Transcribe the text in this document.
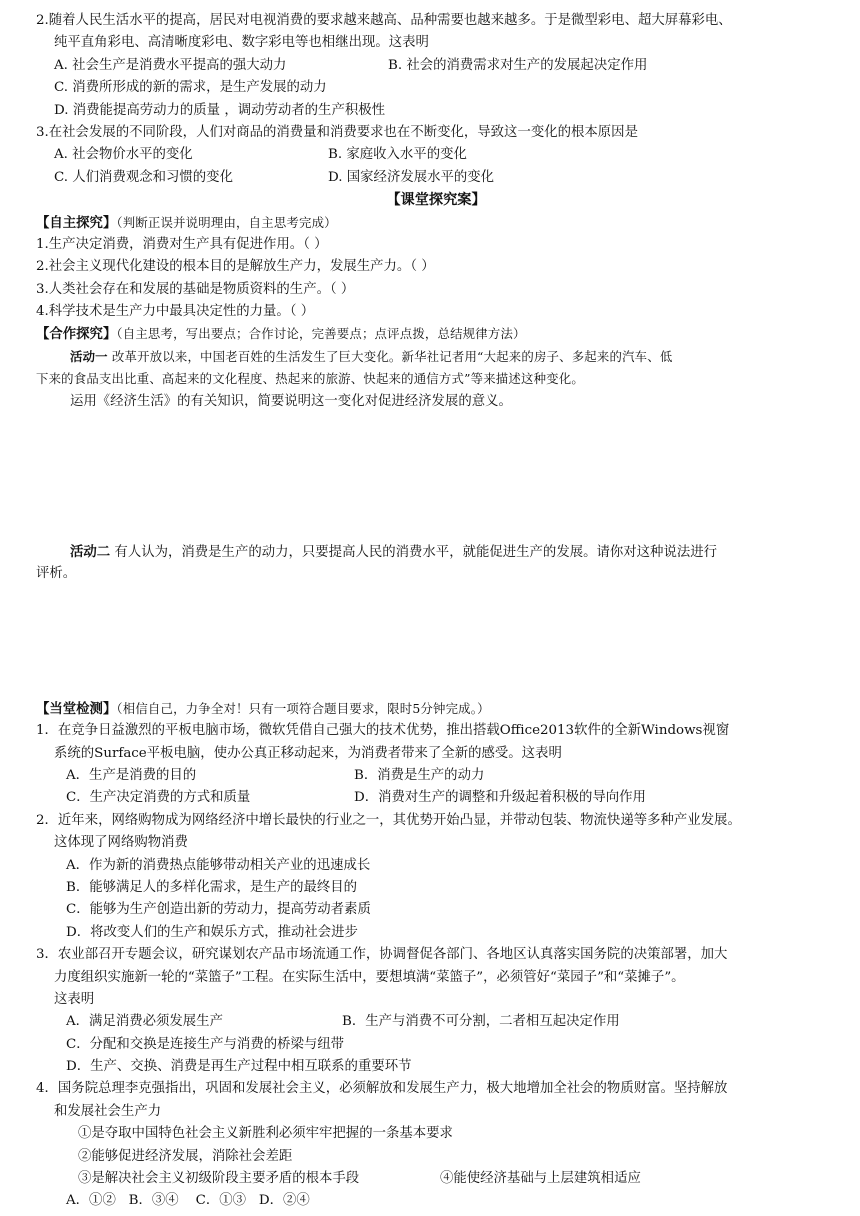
2.随着人民生活水平的提高，居民对电视消费的要求越来越高、品种需要也越来越多。于是微型彩电、超大屏幕彩电、
纯平直角彩电、高清晰度彩电、数字彩电等也相继出现。这表明
A. 社会生产是消费水平提高的强大动力	B. 社会的消费需求对生产的发展起决定作用
C. 消费所形成的新的需求，是生产发展的动力
D. 消费能提高劳动力的质量 ，调动劳动者的生产积极性
3.在社会发展的不同阶段，人们对商品的消费量和消费要求也在不断变化，导致这一变化的根本原因是
A. 社会物价水平的变化	B. 家庭收入水平的变化
C. 人们消费观念和习惯的变化	D. 国家经济发展水平的变化
【课堂探究案】
【自主探究】（判断正误并说明理由，自主思考完成）
1.生产决定消费，消费对生产具有促进作用。（ ）
2.社会主义现代化建设的根本目的是解放生产力，发展生产力。（ ）
3.人类社会存在和发展的基础是物质资料的生产。（ ）
4.科学技术是生产力中最具决定性的力量。（ ）
【合作探究】（自主思考，写出要点；合作讨论，完善要点；点评点拨，总结规律方法）
活动一 改革开放以来，中国老百姓的生活发生了巨大变化。新华社记者用“大起来的房子、多起来的汽车、低
下来的食品支出比重、高起来的文化程度、热起来的旅游、快起来的通信方式”等来描述这种变化。
运用《经济生活》的有关知识，简要说明这一变化对促进经济发展的意义。
活动二 有人认为，消费是生产的动力，只要提高人民的消费水平，就能促进生产的发展。请你对这种说法进行
评析。
【当堂检测】（相信自己，力争全对！只有一项符合题目要求，限时5分钟完成。）
1．在竞争日益激烈的平板电脑市场，微软凭借自己强大的技术优势，推出搭载Office2013软件的全新Windows视窗
系统的Surface平板电脑，使办公真正移动起来，为消费者带来了全新的感受。这表明
A．生产是消费的目的	B．消费是生产的动力
C．生产决定消费的方式和质量	D．消费对生产的调整和升级起着积极的导向作用
2．近年来，网络购物成为网络经济中增长最快的行业之一，其优势开始凸显，并带动包装、物流快递等多种产业发展。
这体现了网络购物消费
A．作为新的消费热点能够带动相关产业的迅速成长
B．能够满足人的多样化需求，是生产的最终目的
C．能够为生产创造出新的劳动力，提高劳动者素质
D．将改变人们的生产和娱乐方式，推动社会进步
3．农业部召开专题会议，研究谋划农产品市场流通工作，协调督促各部门、各地区认真落实国务院的决策部署，加大
力度组织实施新一轮的“菜篮子”工程。在实际生活中，要想填满“菜篮子”，必须管好“菜园子”和“菜摊子”。
这表明
A．满足消费必须发展生产	B．生产与消费不可分割，二者相互起决定作用
C．分配和交换是连接生产与消费的桥梁与纽带
D．生产、交换、消费是再生产过程中相互联系的重要环节
4．国务院总理李克强指出，巩固和发展社会主义，必须解放和发展生产力，极大地增加全社会的物质财富。坚持解放
和发展社会生产力
①是夺取中国特色社会主义新胜利必须牢牢把握的一条基本要求
②能够促进经济发展，消除社会差距
③是解决社会主义初级阶段主要矛盾的根本手段	④能使经济基础与上层建筑相适应
A．①②   B．③④    C．①③   D．②④
